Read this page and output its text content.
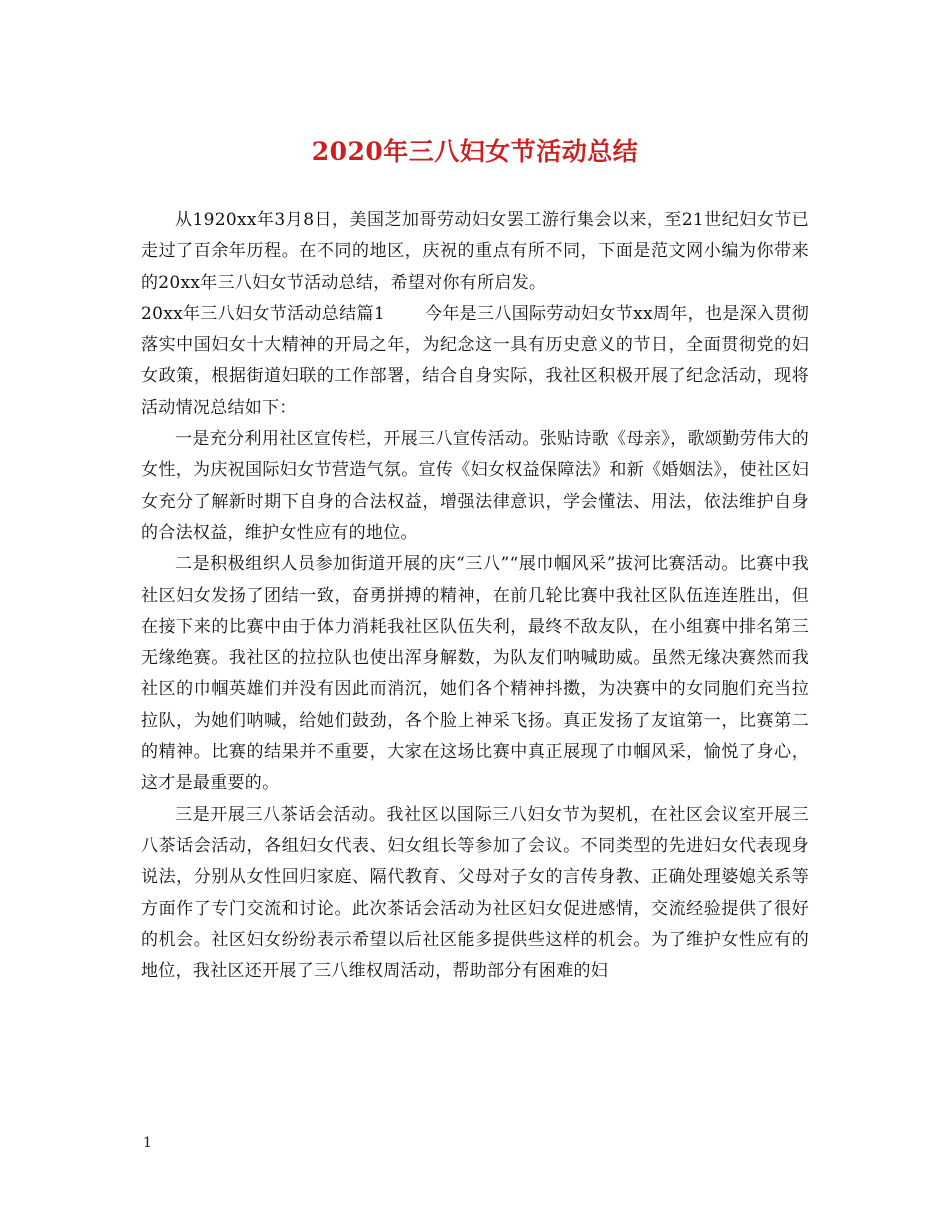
2020年三八妇女节活动总结

从1920xx年3月8日，美国芝加哥劳动妇女罢工游行集会以来，至21世纪妇女节已走过了百余年历程。在不同的地区，庆祝的重点有所不同，下面是范文网小编为你带来的20xx年三八妇女节活动总结，希望对你有所启发。

20xx年三八妇女节活动总结篇1 今年是三八国际劳动妇女节xx周年，也是深入贯彻落实中国妇女十大精神的开局之年，为纪念这一具有历史意义的节日，全面贯彻党的妇女政策，根据街道妇联的工作部署，结合自身实际，我社区积极开展了纪念活动，现将活动情况总结如下：

一是充分利用社区宣传栏，开展三八宣传活动。张贴诗歌《母亲》，歌颂勤劳伟大的女性，为庆祝国际妇女节营造气氛。宣传《妇女权益保障法》和新《婚姻法》，使社区妇女充分了解新时期下自身的合法权益，增强法律意识，学会懂法、用法，依法维护自身的合法权益，维护女性应有的地位。

二是积极组织人员参加街道开展的庆“三八”“展巾帼风采”拔河比赛活动。比赛中我社区妇女发扬了团结一致，奋勇拼搏的精神，在前几轮比赛中我社区队伍连连胜出，但在接下来的比赛中由于体力消耗我社区队伍失利，最终不敌友队，在小组赛中排名第三无缘绝赛。我社区的拉拉队也使出浑身解数，为队友们呐喊助威。虽然无缘决赛然而我社区的巾帼英雄们并没有因此而消沉，她们各个精神抖擞，为决赛中的女同胞们充当拉拉队，为她们呐喊，给她们鼓劲，各个脸上神采飞扬。真正发扬了友谊第一，比赛第二的精神。比赛的结果并不重要，大家在这场比赛中真正展现了巾帼风采，愉悦了身心，这才是最重要的。

三是开展三八茶话会活动。我社区以国际三八妇女节为契机，在社区会议室开展三八茶话会活动，各组妇女代表、妇女组长等参加了会议。不同类型的先进妇女代表现身说法，分别从女性回归家庭、隔代教育、父母对子女的言传身教、正确处理婆媳关系等方面作了专门交流和讨论。此次茶话会活动为社区妇女促进感情，交流经验提供了很好的机会。社区妇女纷纷表示希望以后社区能多提供些这样的机会。为了维护女性应有的地位，我社区还开展了三八维权周活动，帮助部分有困难的妇

1
